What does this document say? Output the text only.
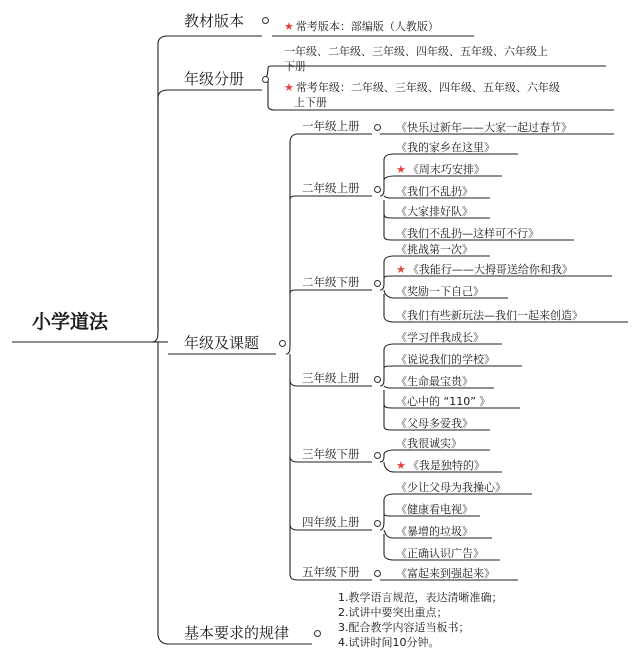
小学道法
教材版本	★ 常考版本：部编版（人教版）
年级分册
一年级、二年级、三年级、四年级、五年级、六年级上
下册
★ 常考年级：二年级、三年级、四年级、五年级、六年级
上下册
年级及课题
一年级上册
二年级上册
二年级下册
三年级上册
三年级下册
四年级上册
五年级下册
《快乐过新年——大家一起过春节》
《我的家乡在这里》
★ 《周末巧安排》
《我们不乱扔》
《大家排好队》
《我们不乱扔—这样可不行》
《挑战第一次》
★ 《我能行——大拇哥送给你和我》
《奖励一下自己》
《我们有些新玩法—我们一起来创造》
《学习伴我成长》
《说说我们的学校》
《生命最宝贵》
《心中的 “110” 》
《父母多爱我》
《我很诚实》
★ 《我是独特的》
《少让父母为我操心》
《健康看电视》
《暴增的垃圾》
《正确认识广告》
《富起来到强起来》
基本要求的规律
1.教学语言规范，表达清晰准确；
2.试讲中要突出重点；
3.配合教学内容适当板书；
4.试讲时间10分钟。
